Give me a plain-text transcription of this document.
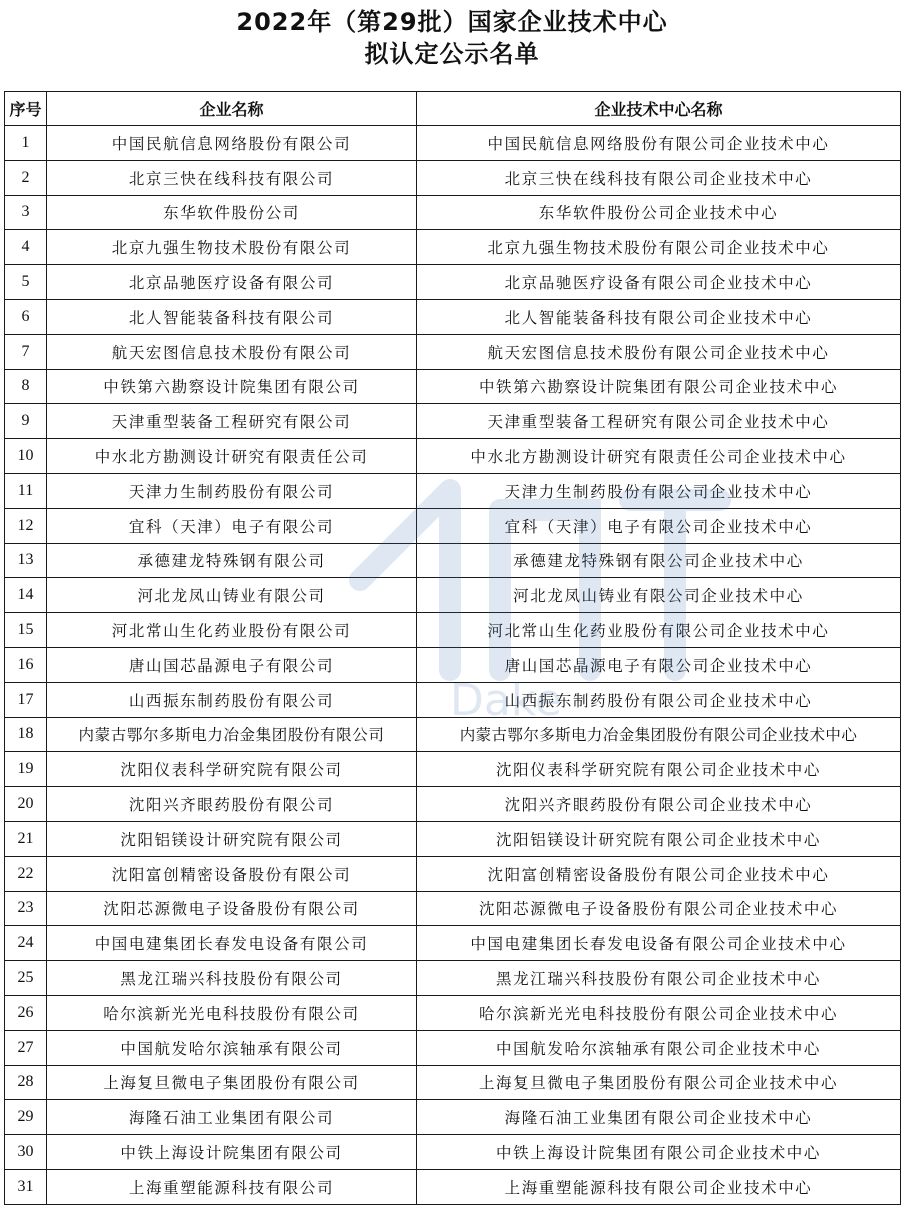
2022年（第29批）国家企业技术中心
拟认定公示名单
序号	企业名称	企业技术中心名称
1	中国民航信息网络股份有限公司	中国民航信息网络股份有限公司企业技术中心
2	北京三快在线科技有限公司	北京三快在线科技有限公司企业技术中心
3	东华软件股份公司	东华软件股份公司企业技术中心
4	北京九强生物技术股份有限公司	北京九强生物技术股份有限公司企业技术中心
5	北京品驰医疗设备有限公司	北京品驰医疗设备有限公司企业技术中心
6	北人智能装备科技有限公司	北人智能装备科技有限公司企业技术中心
7	航天宏图信息技术股份有限公司	航天宏图信息技术股份有限公司企业技术中心
8	中铁第六勘察设计院集团有限公司	中铁第六勘察设计院集团有限公司企业技术中心
9	天津重型装备工程研究有限公司	天津重型装备工程研究有限公司企业技术中心
10	中水北方勘测设计研究有限责任公司	中水北方勘测设计研究有限责任公司企业技术中心
11	天津力生制药股份有限公司	天津力生制药股份有限公司企业技术中心
12	宜科（天津）电子有限公司	宜科（天津）电子有限公司企业技术中心
13	承德建龙特殊钢有限公司	承德建龙特殊钢有限公司企业技术中心
14	河北龙凤山铸业有限公司	河北龙凤山铸业有限公司企业技术中心
15	河北常山生化药业股份有限公司	河北常山生化药业股份有限公司企业技术中心
16	唐山国芯晶源电子有限公司	唐山国芯晶源电子有限公司企业技术中心
17	山西振东制药股份有限公司	山西振东制药股份有限公司企业技术中心
18	内蒙古鄂尔多斯电力冶金集团股份有限公司	内蒙古鄂尔多斯电力冶金集团股份有限公司企业技术中心
19	沈阳仪表科学研究院有限公司	沈阳仪表科学研究院有限公司企业技术中心
20	沈阳兴齐眼药股份有限公司	沈阳兴齐眼药股份有限公司企业技术中心
21	沈阳铝镁设计研究院有限公司	沈阳铝镁设计研究院有限公司企业技术中心
22	沈阳富创精密设备股份有限公司	沈阳富创精密设备股份有限公司企业技术中心
23	沈阳芯源微电子设备股份有限公司	沈阳芯源微电子设备股份有限公司企业技术中心
24	中国电建集团长春发电设备有限公司	中国电建集团长春发电设备有限公司企业技术中心
25	黑龙江瑞兴科技股份有限公司	黑龙江瑞兴科技股份有限公司企业技术中心
26	哈尔滨新光光电科技股份有限公司	哈尔滨新光光电科技股份有限公司企业技术中心
27	中国航发哈尔滨轴承有限公司	中国航发哈尔滨轴承有限公司企业技术中心
28	上海复旦微电子集团股份有限公司	上海复旦微电子集团股份有限公司企业技术中心
29	海隆石油工业集团有限公司	海隆石油工业集团有限公司企业技术中心
30	中铁上海设计院集团有限公司	中铁上海设计院集团有限公司企业技术中心
31	上海重塑能源科技有限公司	上海重塑能源科技有限公司企业技术中心
Dake
